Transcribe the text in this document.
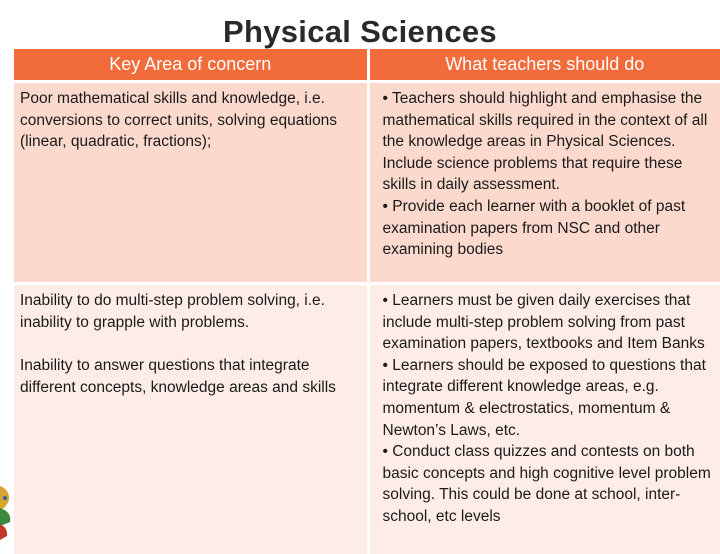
Physical Sciences
Key Area of concern	What teachers should do

Poor mathematical skills and knowledge, i.e. conversions to correct units, solving equations (linear, quadratic, fractions);	• Teachers should highlight and emphasise the mathematical skills required in the context of all the knowledge areas in Physical Sciences. Include science problems that require these skills in daily assessment.
• Provide each learner with a booklet of past examination papers from NSC and other examining bodies

Inability to do multi-step problem solving, i.e. inability to grapple with problems.
Inability to answer questions that integrate different concepts, knowledge areas and skills	• Learners must be given daily exercises that include multi-step problem solving from past examination papers, textbooks and Item Banks
• Learners should be exposed to questions that integrate different knowledge areas, e.g. momentum & electrostatics, momentum & Newton’s Laws, etc.
• Conduct class quizzes and contests on both basic concepts and high cognitive level problem solving. This could be done at school, inter-school, etc levels
